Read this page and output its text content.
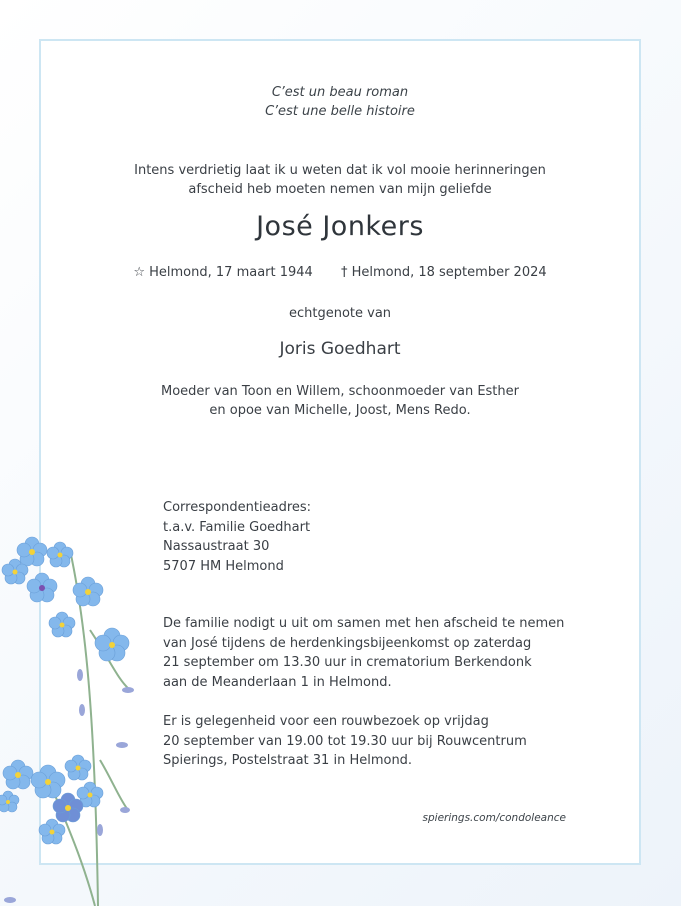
C’est un beau roman
C’est une belle histoire
Intens verdrietig laat ik u weten dat ik vol mooie herinneringen
afscheid heb moeten nemen van mijn geliefde
José Jonkers
☆ Helmond, 17 maart 1944 † Helmond, 18 september 2024
echtgenote van
Joris Goedhart
Moeder van Toon en Willem, schoonmoeder van Esther
en opoe van Michelle, Joost, Mens Redo.
Correspondentieadres:
t.a.v. Familie Goedhart
Nassaustraat 30
5707 HM Helmond
De familie nodigt u uit om samen met hen afscheid te nemen
van José tijdens de herdenkingsbijeenkomst op zaterdag
21 september om 13.30 uur in crematorium Berkendonk
aan de Meanderlaan 1 in Helmond.
Er is gelegenheid voor een rouwbezoek op vrijdag
20 september van 19.00 tot 19.30 uur bij Rouwcentrum
Spierings, Postelstraat 31 in Helmond.
spierings.com/condoleance
